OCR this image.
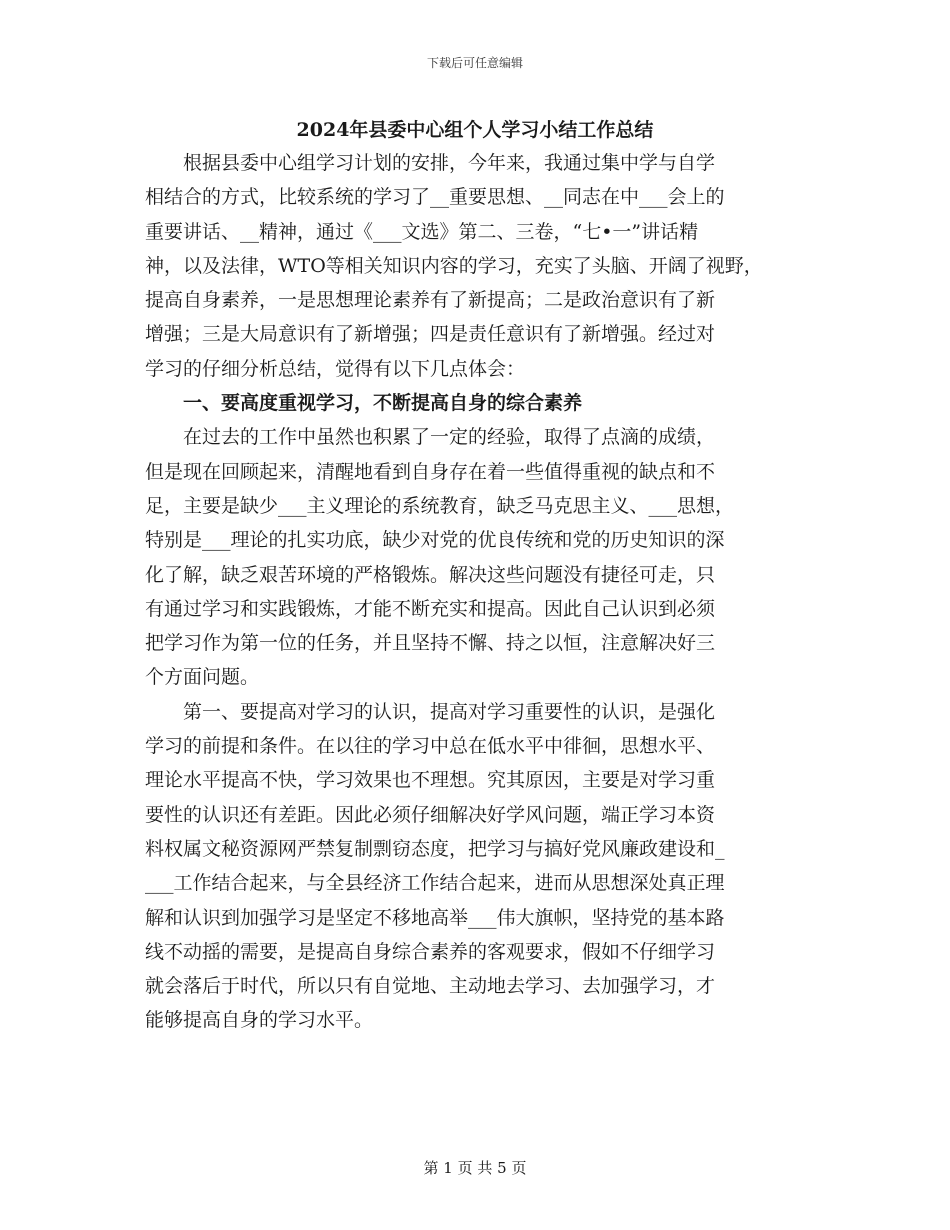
下载后可任意编辑
2024年县委中心组个人学习小结工作总结
　　根据县委中心组学习计划的安排，今年来，我通过集中学与自学
相结合的方式，比较系统的学习了__重要思想、__同志在中___会上的
重要讲话、__精神，通过《___文选》第二、三卷，“七•一”讲话精
神，以及法律，WTO等相关知识内容的学习，充实了头脑、开阔了视野，
提高自身素养，一是思想理论素养有了新提高；二是政治意识有了新
增强；三是大局意识有了新增强；四是责任意识有了新增强。经过对
学习的仔细分析总结，觉得有以下几点体会：
　　一、要高度重视学习，不断提高自身的综合素养
　　在过去的工作中虽然也积累了一定的经验，取得了点滴的成绩，
但是现在回顾起来，清醒地看到自身存在着一些值得重视的缺点和不
足，主要是缺少___主义理论的系统教育，缺乏马克思主义、___思想，
特别是___理论的扎实功底，缺少对党的优良传统和党的历史知识的深
化了解，缺乏艰苦环境的严格锻炼。解决这些问题没有捷径可走，只
有通过学习和实践锻炼，才能不断充实和提高。因此自己认识到必须
把学习作为第一位的任务，并且坚持不懈、持之以恒，注意解决好三
个方面问题。
　　第一、要提高对学习的认识，提高对学习重要性的认识，是强化
学习的前提和条件。在以往的学习中总在低水平中徘徊，思想水平、
理论水平提高不快，学习效果也不理想。究其原因，主要是对学习重
要性的认识还有差距。因此必须仔细解决好学风问题，端正学习本资
料权属文秘资源网严禁复制剽窃态度，把学习与搞好党风廉政建设和_
___工作结合起来，与全县经济工作结合起来，进而从思想深处真正理
解和认识到加强学习是坚定不移地高举___伟大旗帜，坚持党的基本路
线不动摇的需要，是提高自身综合素养的客观要求，假如不仔细学习
就会落后于时代，所以只有自觉地、主动地去学习、去加强学习，才
能够提高自身的学习水平。
第 1 页 共 5 页
